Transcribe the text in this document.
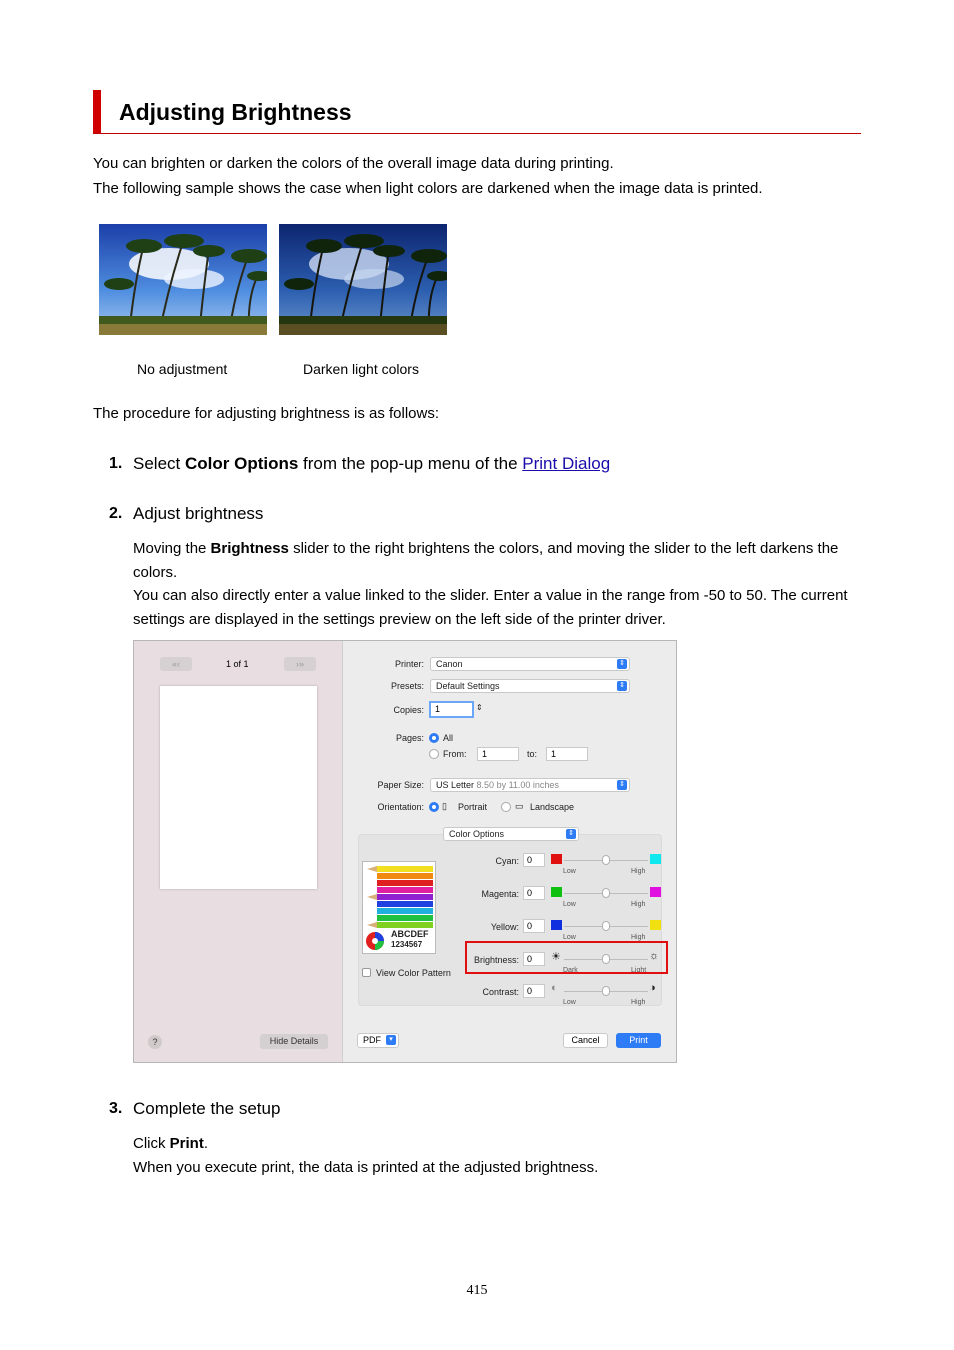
Adjusting Brightness
You can brighten or darken the colors of the overall image data during printing.
The following sample shows the case when light colors are darkened when the image data is printed.
No adjustment	Darken light colors
The procedure for adjusting brightness is as follows:
1. Select Color Options from the pop-up menu of the Print Dialog
2. Adjust brightness
Moving the Brightness slider to the right brightens the colors, and moving the slider to the left darkens the colors.
You can also directly enter a value linked to the slider. Enter a value in the range from -50 to 50. The current settings are displayed in the settings preview on the left side of the printer driver.
«‹	1 of 1	›»
?	Hide Details
Printer:	Canon	⇕
Presets:	Default Settings	⇕
Copies:	1	⇕
Pages: All
From:	1	to:	1
Paper Size:	US Letter 8.50 by 11.00 inches	⇕
Orientation: ▯ Portrait	▭ Landscape
Color Options	⇕
ABCDEF
1234567
View Color Pattern
Cyan: 0
Low	High
Magenta: 0
Low	High
Yellow: 0
Low	High
Brightness: 0	☀	☼
Dark	Light
Contrast: 0	◐	◑
Low	High
PDF	▾	Cancel	Print
3. Complete the setup
Click Print.
When you execute print, the data is printed at the adjusted brightness.
415
